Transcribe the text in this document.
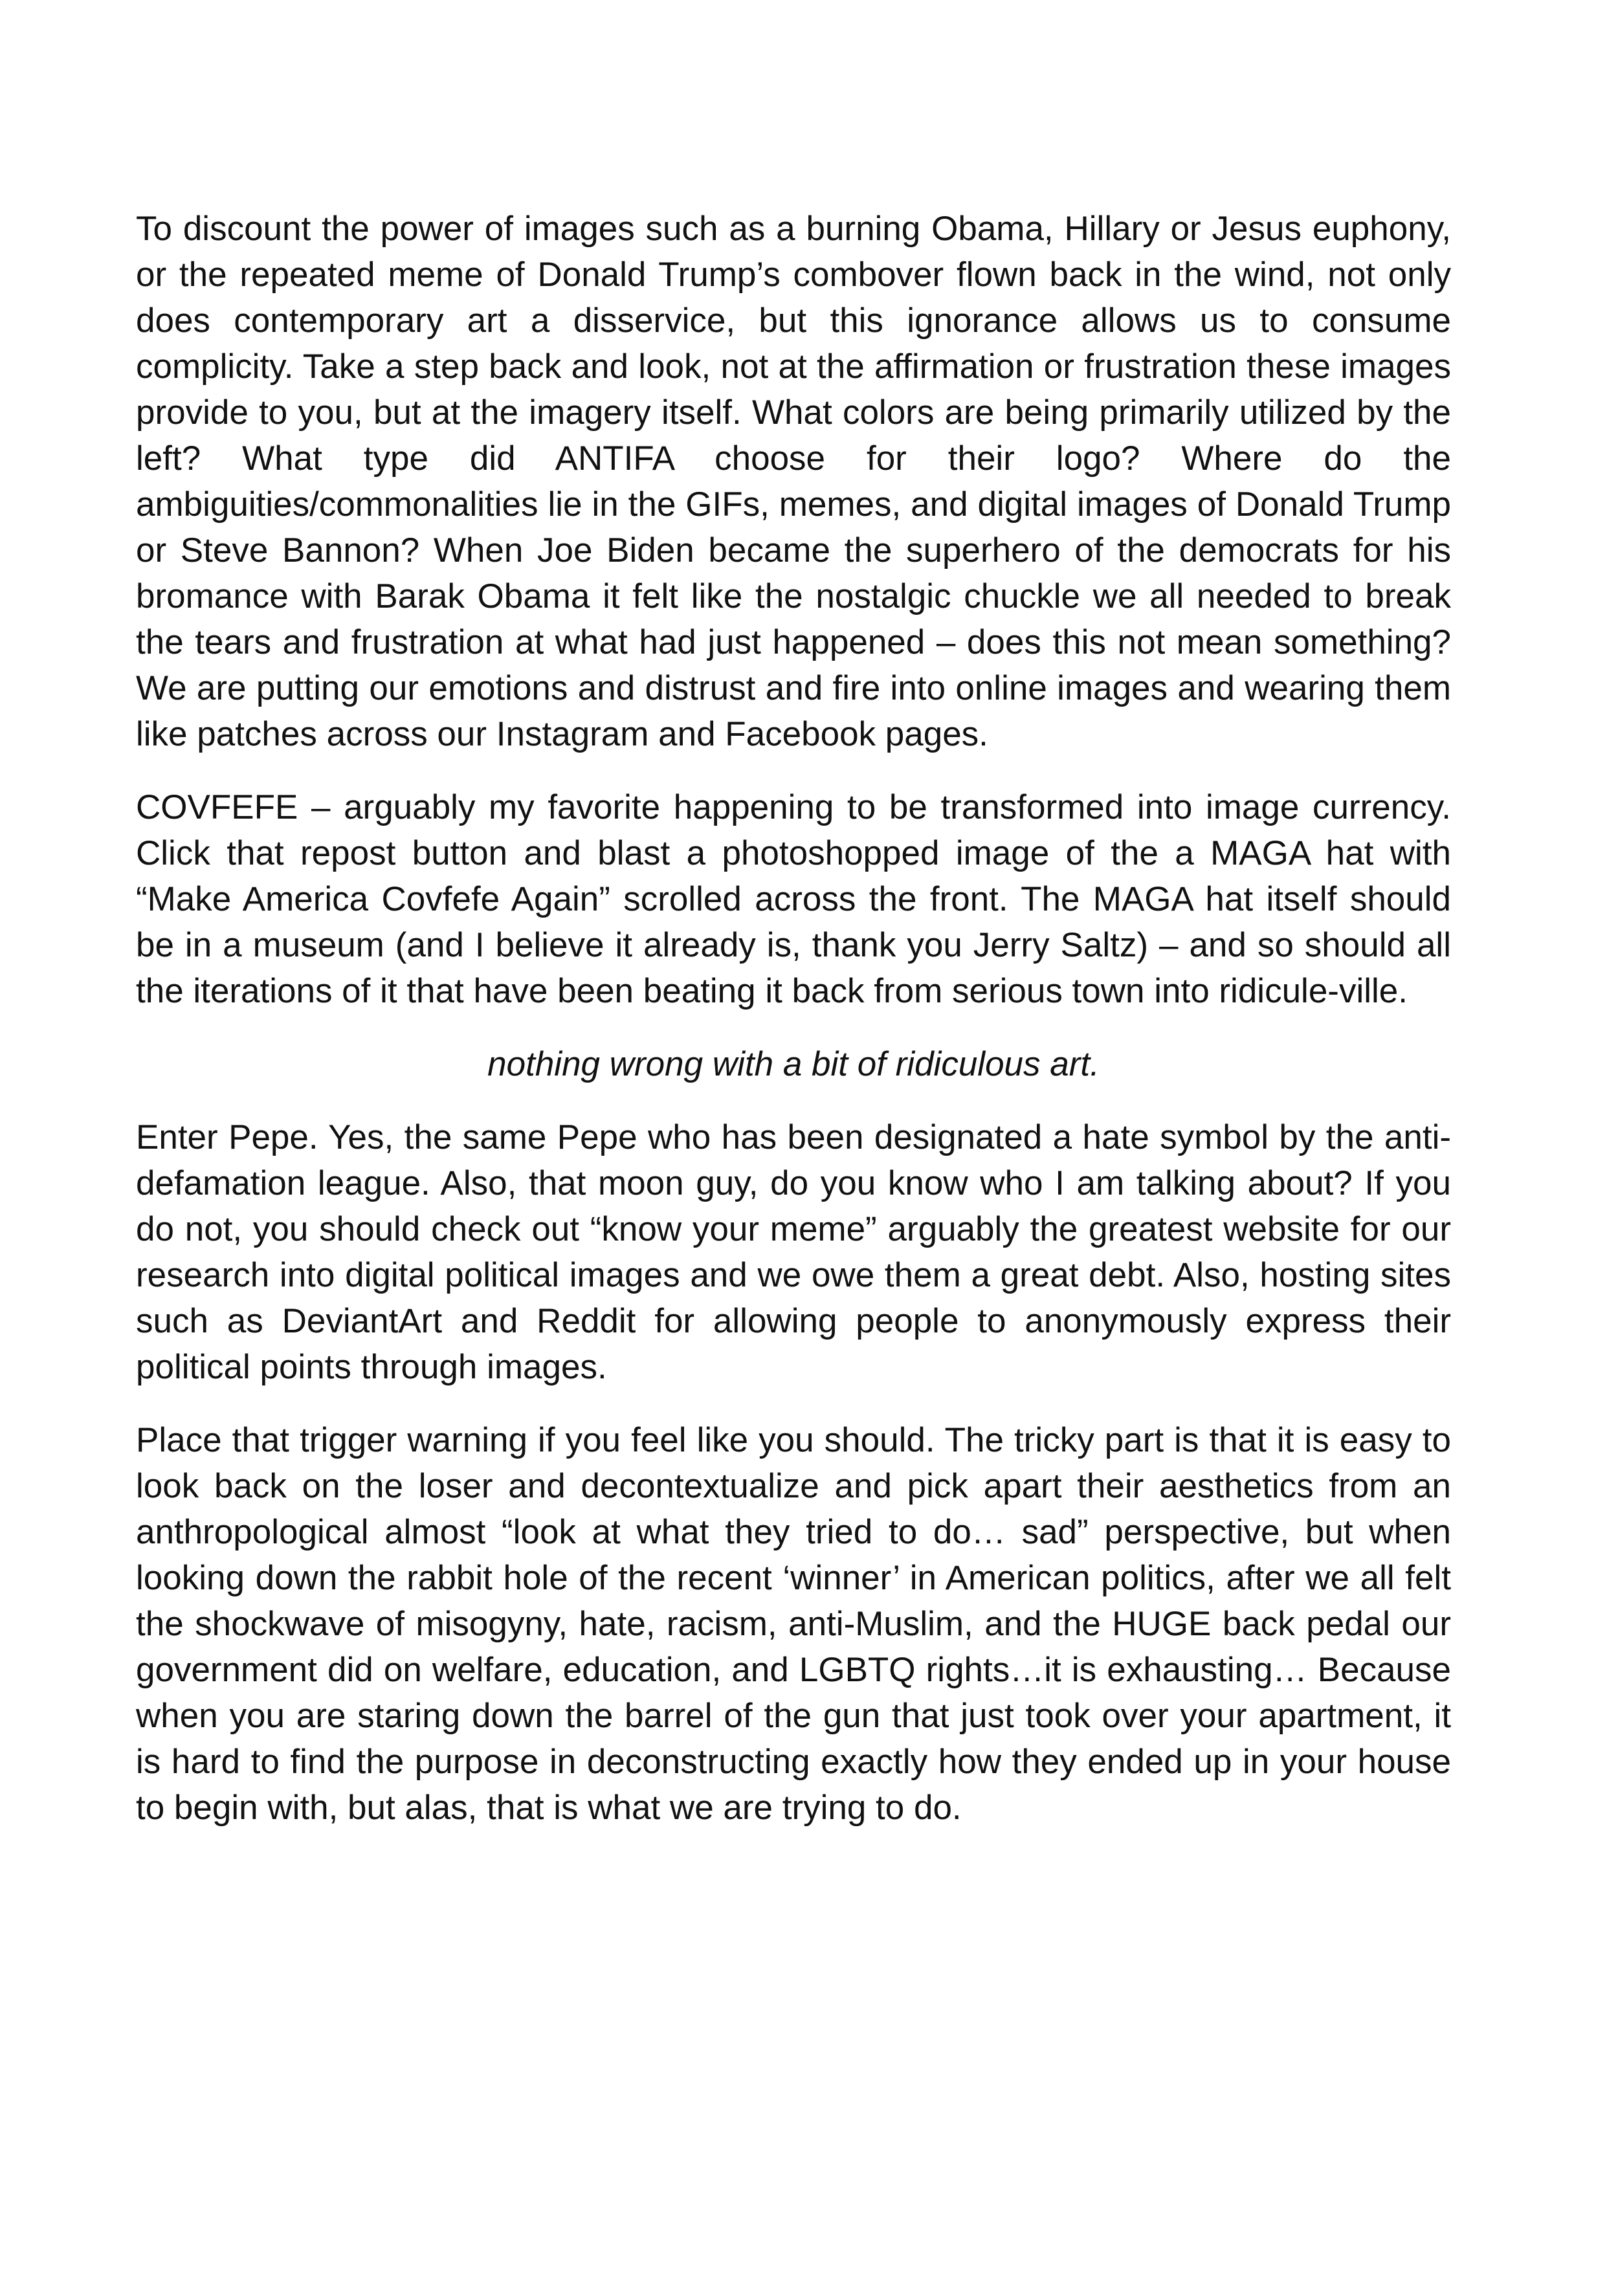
To discount the power of images such as a burning Obama, Hillary or Jesus euphony, or the repeated meme of Donald Trump’s combover flown back in the wind, not only does contemporary art a disservice, but this ignorance allows us to consume complicity. Take a step back and look, not at the affirmation or frustration these images provide to you, but at the imagery itself. What colors are being primarily utilized by the left? What type did ANTIFA choose for their logo? Where do the ambiguities/commonalities lie in the GIFs, memes, and digital images of Donald Trump or Steve Bannon? When Joe Biden became the superhero of the democrats for his bromance with Barak Obama it felt like the nostalgic chuckle we all needed to break the tears and frustration at what had just happened – does this not mean something? We are putting our emotions and distrust and fire into online images and wearing them like patches across our Instagram and Facebook pages.

COVFEFE – arguably my favorite happening to be transformed into image currency. Click that repost button and blast a photoshopped image of the a MAGA hat with “Make America Covfefe Again” scrolled across the front. The MAGA hat itself should be in a museum (and I believe it already is, thank you Jerry Saltz) – and so should all the iterations of it that have been beating it back from serious town into ridicule-ville.

nothing wrong with a bit of ridiculous art.

Enter Pepe. Yes, the same Pepe who has been designated a hate symbol by the anti-defamation league. Also, that moon guy, do you know who I am talking about? If you do not, you should check out “know your meme” arguably the greatest website for our research into digital political images and we owe them a great debt. Also, hosting sites such as DeviantArt and Reddit for allowing people to anonymously express their political points through images.

Place that trigger warning if you feel like you should. The tricky part is that it is easy to look back on the loser and decontextualize and pick apart their aesthetics from an anthropological almost “look at what they tried to do… sad” perspective, but when looking down the rabbit hole of the recent ‘winner’ in American politics, after we all felt the shockwave of misogyny, hate, racism, anti-Muslim, and the HUGE back pedal our government did on welfare, education, and LGBTQ rights…it is exhausting… Because when you are staring down the barrel of the gun that just took over your apartment, it is hard to find the purpose in deconstructing exactly how they ended up in your house to begin with, but alas, that is what we are trying to do.
